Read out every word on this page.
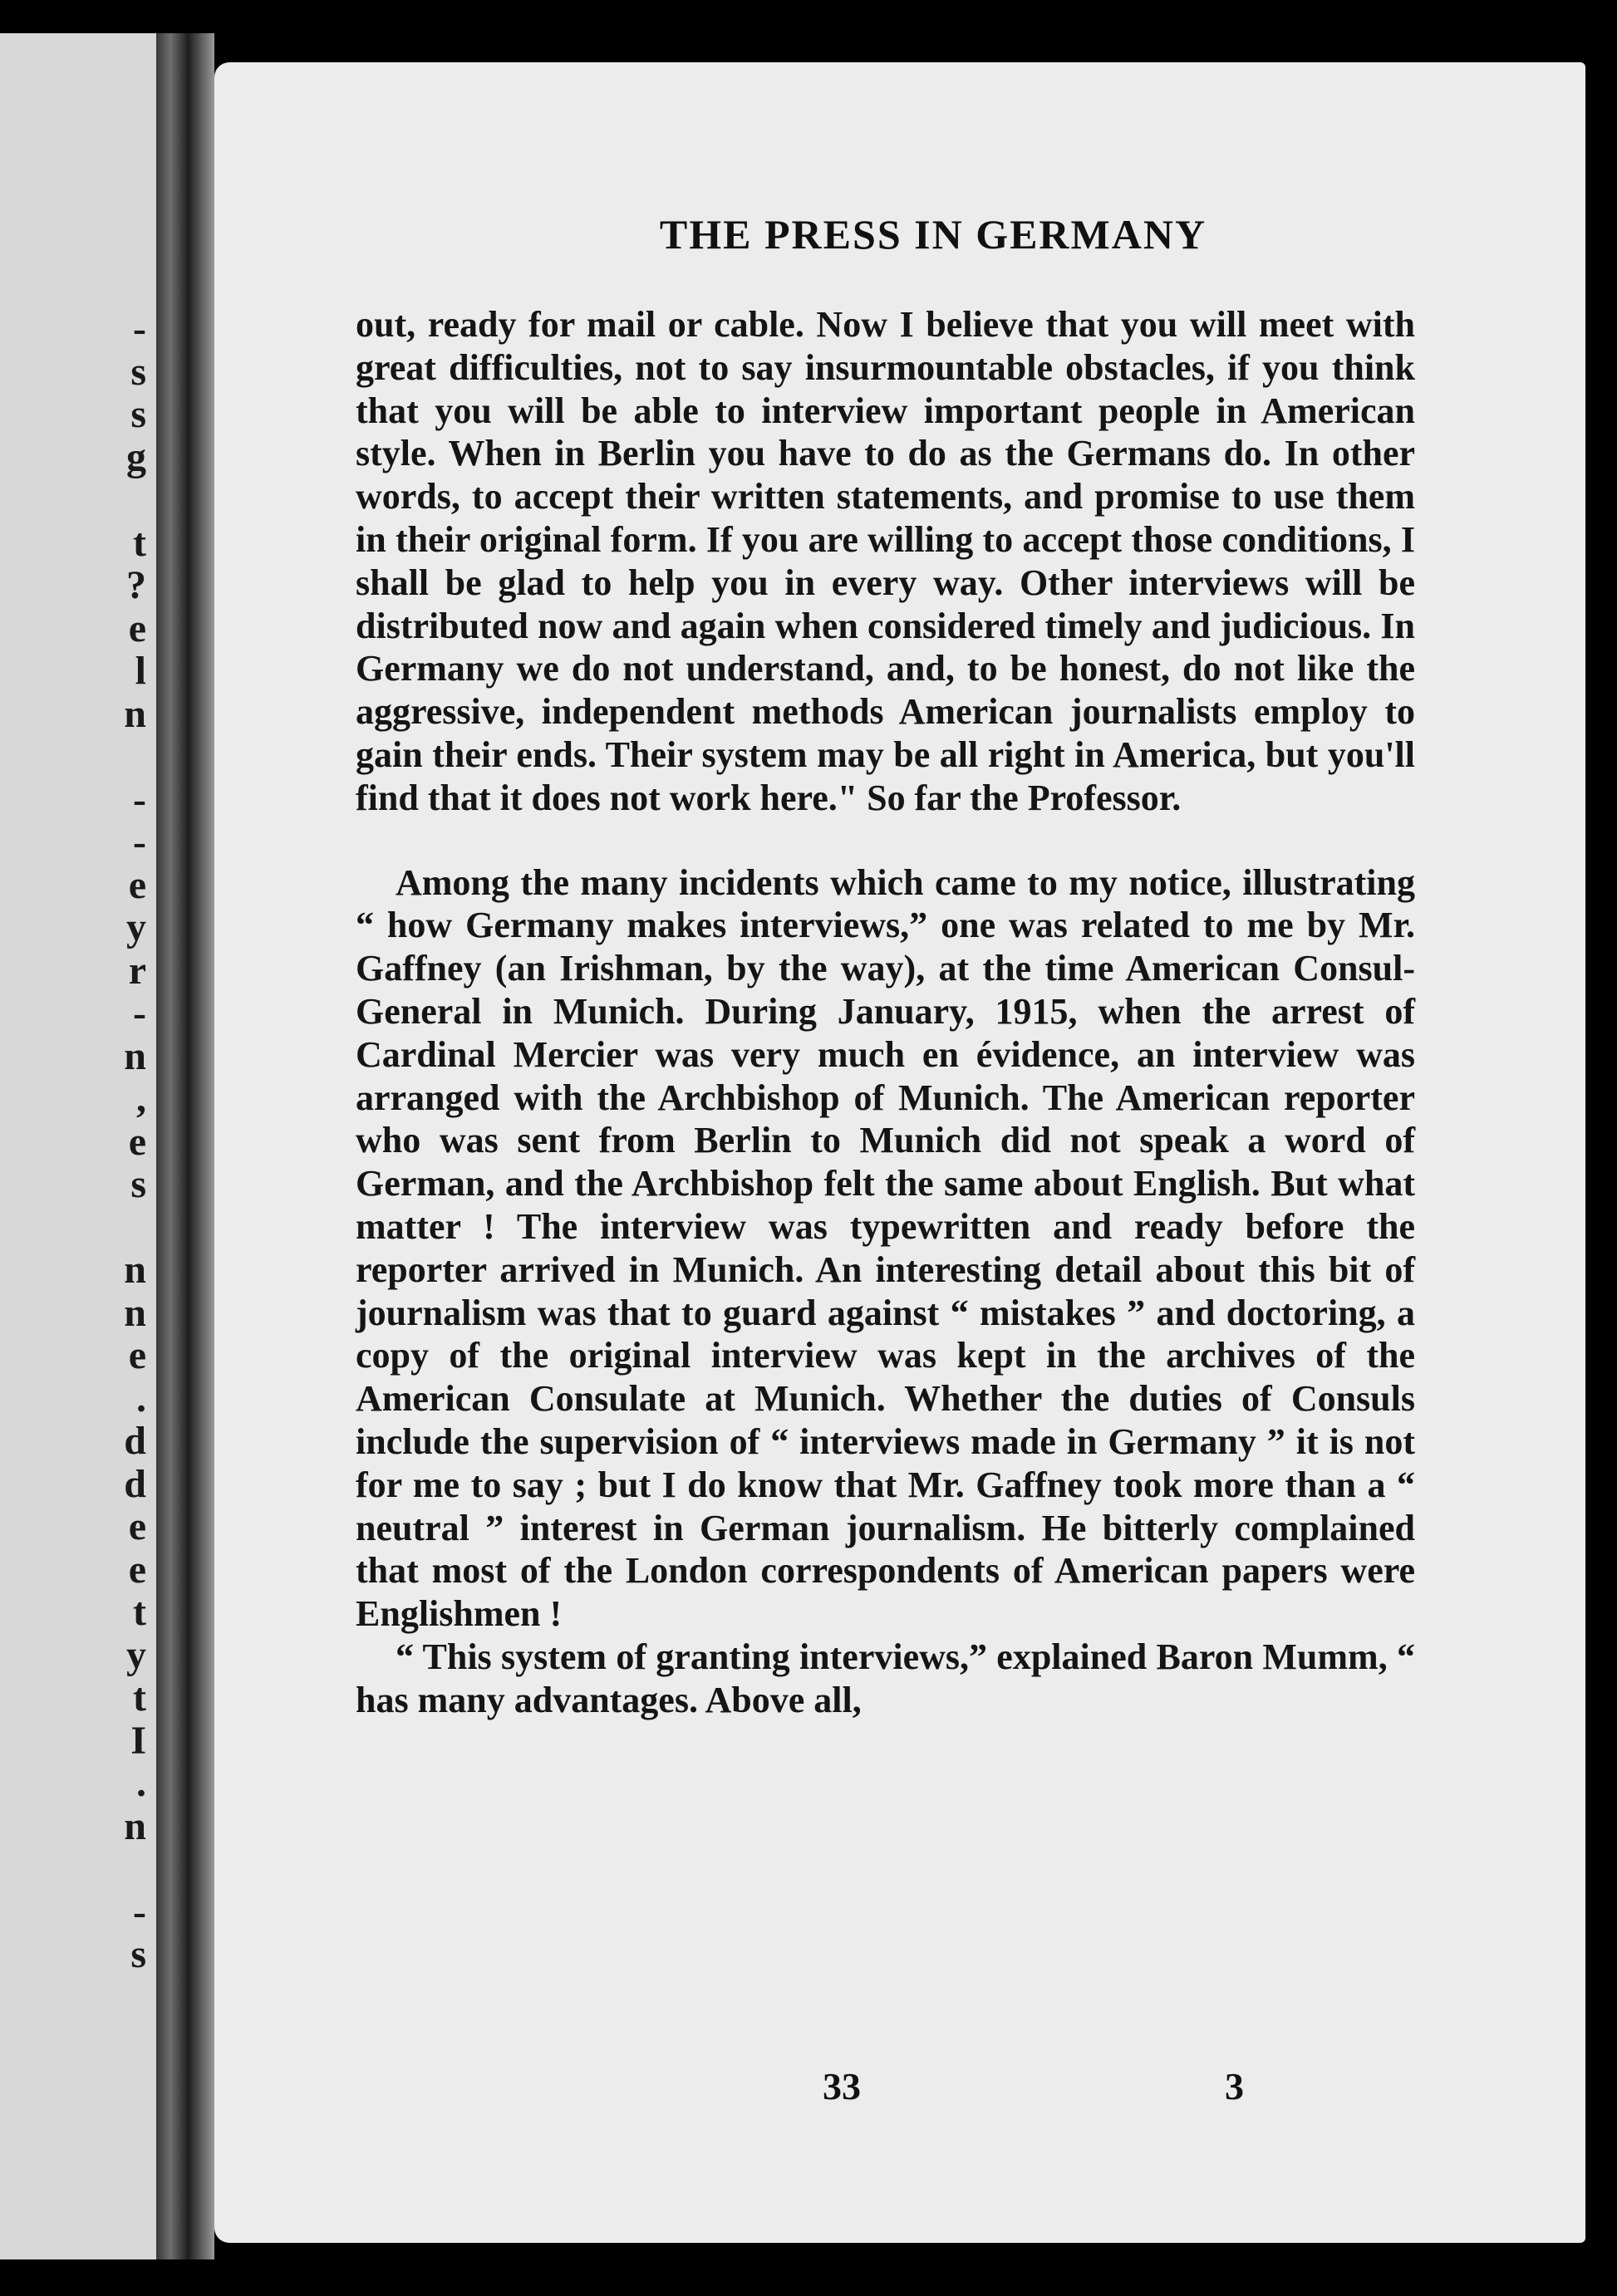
-
s
s
g
t
?
e
l
n
-
-
e
y
r
-
n
,
e
s
n
n
e
.
d
d
e
e
t
y
t
I
.
n
-
s
THE PRESS IN GERMANY

out, ready for mail or cable. Now I believe that you will meet with great difficulties, not to say insurmountable obstacles, if you think that you will be able to interview important people in American style. When in Berlin you have to do as the Germans do. In other words, to accept their written statements, and promise to use them in their original form. If you are willing to accept those conditions, I shall be glad to help you in every way. Other interviews will be distributed now and again when considered timely and judicious. In Germany we do not understand, and, to be honest, do not like the aggressive, independent methods American journalists employ to gain their ends. Their system may be all right in America, but you'll find that it does not work here." So far the Professor.

Among the many incidents which came to my notice, illustrating “ how Germany makes interviews,” one was related to me by Mr. Gaffney (an Irishman, by the way), at the time American Consul-General in Munich. During January, 1915, when the arrest of Cardinal Mercier was very much en évidence, an interview was arranged with the Archbishop of Munich. The American reporter who was sent from Berlin to Munich did not speak a word of German, and the Archbishop felt the same about English. But what matter ! The interview was typewritten and ready before the reporter arrived in Munich. An interesting detail about this bit of journalism was that to guard against “ mistakes ” and doctoring, a copy of the original interview was kept in the archives of the American Consulate at Munich. Whether the duties of Consuls include the supervision of “ interviews made in Germany ” it is not for me to say ; but I do know that Mr. Gaffney took more than a “ neutral ” interest in German journalism. He bitterly complained that most of the London correspondents of American papers were Englishmen !

“ This system of granting interviews,” explained Baron Mumm, “ has many advantages. Above all,

33	3
